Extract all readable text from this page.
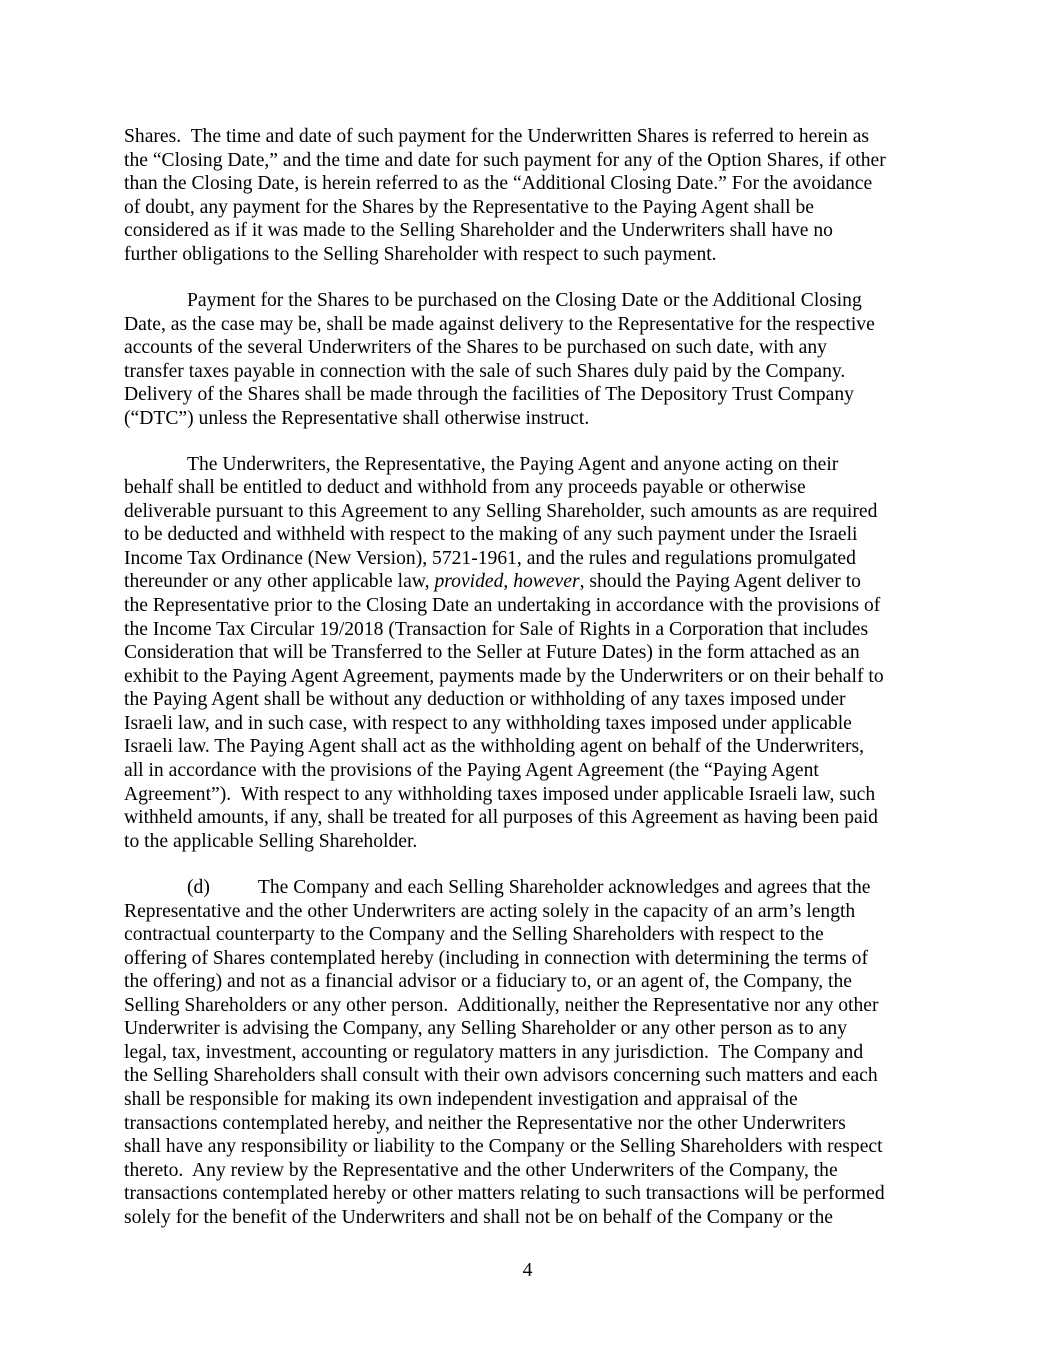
Shares.  The time and date of such payment for the Underwritten Shares is referred to herein as
the “Closing Date,” and the time and date for such payment for any of the Option Shares, if other
than the Closing Date, is herein referred to as the “Additional Closing Date.” For the avoidance
of doubt, any payment for the Shares by the Representative to the Paying Agent shall be
considered as if it was made to the Selling Shareholder and the Underwriters shall have no
further obligations to the Selling Shareholder with respect to such payment.
Payment for the Shares to be purchased on the Closing Date or the Additional Closing
Date, as the case may be, shall be made against delivery to the Representative for the respective
accounts of the several Underwriters of the Shares to be purchased on such date, with any
transfer taxes payable in connection with the sale of such Shares duly paid by the Company.
Delivery of the Shares shall be made through the facilities of The Depository Trust Company
(“DTC”) unless the Representative shall otherwise instruct.
The Underwriters, the Representative, the Paying Agent and anyone acting on their
behalf shall be entitled to deduct and withhold from any proceeds payable or otherwise
deliverable pursuant to this Agreement to any Selling Shareholder, such amounts as are required
to be deducted and withheld with respect to the making of any such payment under the Israeli
Income Tax Ordinance (New Version), 5721-1961, and the rules and regulations promulgated
thereunder or any other applicable law, provided, however, should the Paying Agent deliver to
the Representative prior to the Closing Date an undertaking in accordance with the provisions of
the Income Tax Circular 19/2018 (Transaction for Sale of Rights in a Corporation that includes
Consideration that will be Transferred to the Seller at Future Dates) in the form attached as an
exhibit to the Paying Agent Agreement, payments made by the Underwriters or on their behalf to
the Paying Agent shall be without any deduction or withholding of any taxes imposed under
Israeli law, and in such case, with respect to any withholding taxes imposed under applicable
Israeli law. The Paying Agent shall act as the withholding agent on behalf of the Underwriters,
all in accordance with the provisions of the Paying Agent Agreement (the “Paying Agent
Agreement”).  With respect to any withholding taxes imposed under applicable Israeli law, such
withheld amounts, if any, shall be treated for all purposes of this Agreement as having been paid
to the applicable Selling Shareholder.
(d) The Company and each Selling Shareholder acknowledges and agrees that the
Representative and the other Underwriters are acting solely in the capacity of an arm’s length
contractual counterparty to the Company and the Selling Shareholders with respect to the
offering of Shares contemplated hereby (including in connection with determining the terms of
the offering) and not as a financial advisor or a fiduciary to, or an agent of, the Company, the
Selling Shareholders or any other person.  Additionally, neither the Representative nor any other
Underwriter is advising the Company, any Selling Shareholder or any other person as to any
legal, tax, investment, accounting or regulatory matters in any jurisdiction.  The Company and
the Selling Shareholders shall consult with their own advisors concerning such matters and each
shall be responsible for making its own independent investigation and appraisal of the
transactions contemplated hereby, and neither the Representative nor the other Underwriters
shall have any responsibility or liability to the Company or the Selling Shareholders with respect
thereto.  Any review by the Representative and the other Underwriters of the Company, the
transactions contemplated hereby or other matters relating to such transactions will be performed
solely for the benefit of the Underwriters and shall not be on behalf of the Company or the
4
